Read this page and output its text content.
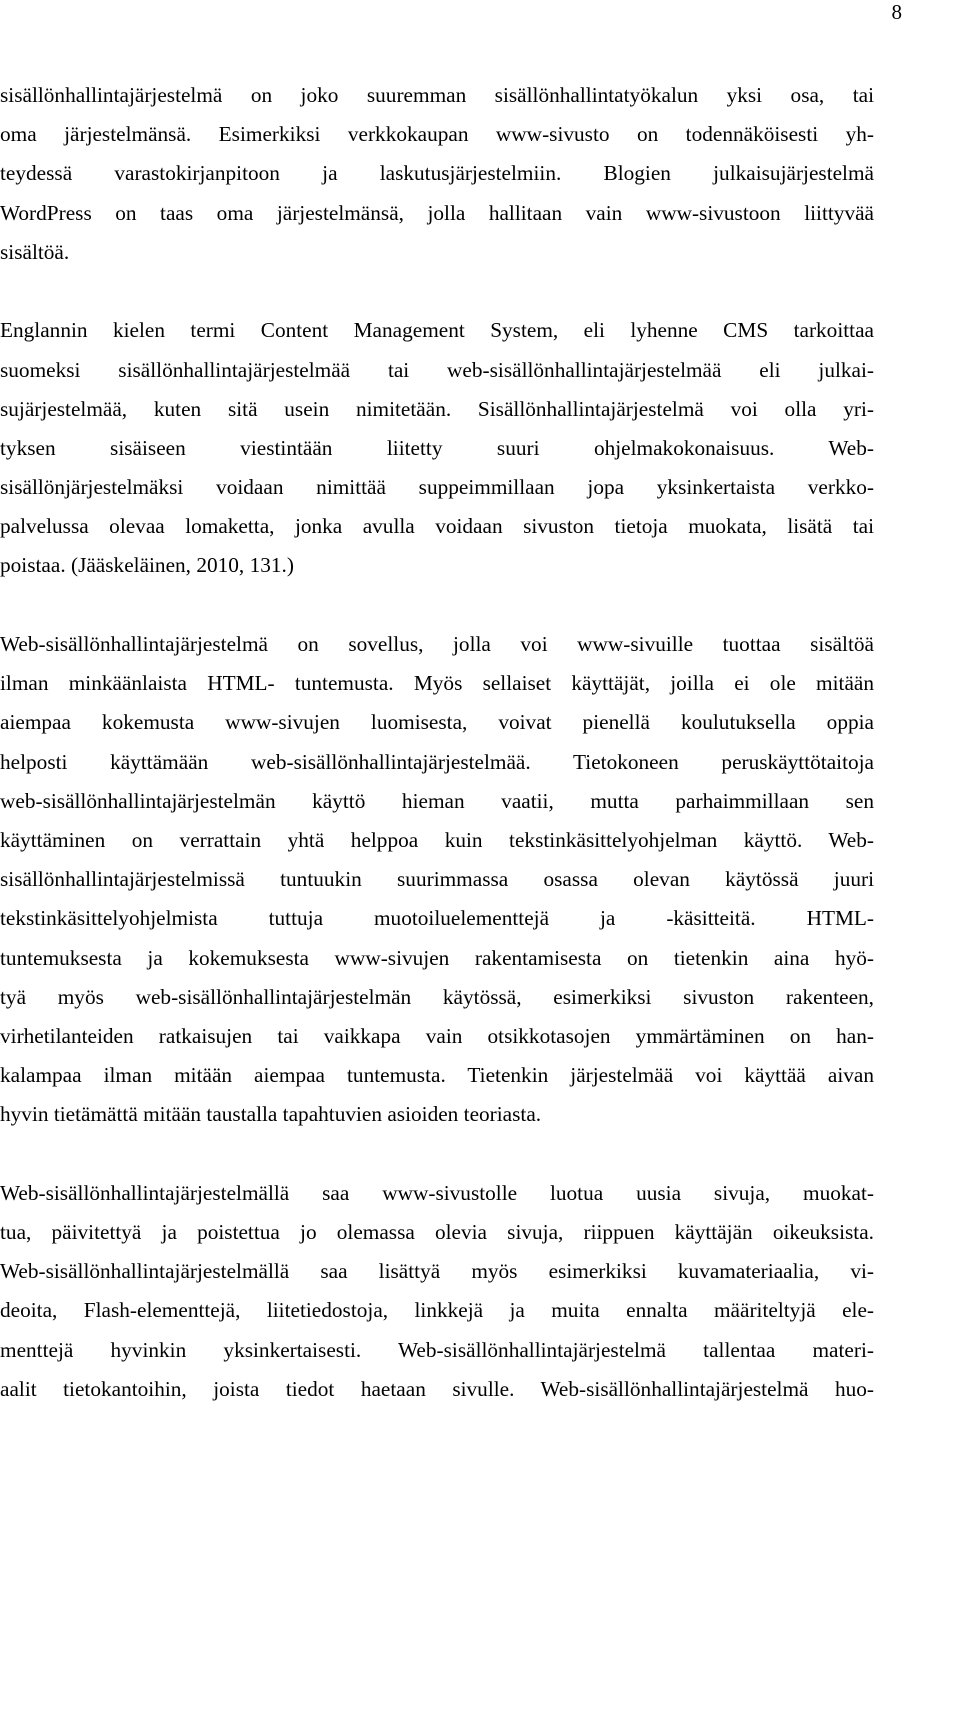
8
sisällönhallintajärjestelmä on joko suuremman sisällönhallintatyökalun yksi osa, tai
oma järjestelmänsä. Esimerkiksi verkkokaupan www-sivusto on todennäköisesti yh-
teydessä varastokirjanpitoon ja laskutusjärjestelmiin. Blogien julkaisujärjestelmä
WordPress on taas oma järjestelmänsä, jolla hallitaan vain www-sivustoon liittyvää
sisältöä.
Englannin kielen termi Content Management System, eli lyhenne CMS tarkoittaa
suomeksi sisällönhallintajärjestelmää tai web-sisällönhallintajärjestelmää eli julkai-
sujärjestelmää, kuten sitä usein nimitetään. Sisällönhallintajärjestelmä voi olla yri-
tyksen sisäiseen viestintään liitetty suuri ohjelmakokonaisuus. Web-
sisällönjärjestelmäksi voidaan nimittää suppeimmillaan jopa yksinkertaista verkko-
palvelussa olevaa lomaketta, jonka avulla voidaan sivuston tietoja muokata, lisätä tai
poistaa. (Jääskeläinen, 2010, 131.)
Web-sisällönhallintajärjestelmä on sovellus, jolla voi www-sivuille tuottaa sisältöä
ilman minkäänlaista HTML- tuntemusta. Myös sellaiset käyttäjät, joilla ei ole mitään
aiempaa kokemusta www-sivujen luomisesta, voivat pienellä koulutuksella oppia
helposti käyttämään web-sisällönhallintajärjestelmää. Tietokoneen peruskäyttötaitoja
web-sisällönhallintajärjestelmän käyttö hieman vaatii, mutta parhaimmillaan sen
käyttäminen on verrattain yhtä helppoa kuin tekstinkäsittelyohjelman käyttö. Web-
sisällönhallintajärjestelmissä tuntuukin suurimmassa osassa olevan käytössä juuri
tekstinkäsittelyohjelmista tuttuja muotoiluelementtejä ja -käsitteitä. HTML-
tuntemuksesta ja kokemuksesta www-sivujen rakentamisesta on tietenkin aina hyö-
tyä myös web-sisällönhallintajärjestelmän käytössä, esimerkiksi sivuston rakenteen,
virhetilanteiden ratkaisujen tai vaikkapa vain otsikkotasojen ymmärtäminen on han-
kalampaa ilman mitään aiempaa tuntemusta. Tietenkin järjestelmää voi käyttää aivan
hyvin tietämättä mitään taustalla tapahtuvien asioiden teoriasta.
Web-sisällönhallintajärjestelmällä saa www-sivustolle luotua uusia sivuja, muokat-
tua, päivitettyä ja poistettua jo olemassa olevia sivuja, riippuen käyttäjän oikeuksista.
Web-sisällönhallintajärjestelmällä saa lisättyä myös esimerkiksi kuvamateriaalia, vi-
deoita, Flash-elementtejä, liitetiedostoja, linkkejä ja muita ennalta määriteltyjä ele-
menttejä hyvinkin yksinkertaisesti. Web-sisällönhallintajärjestelmä tallentaa materi-
aalit tietokantoihin, joista tiedot haetaan sivulle. Web-sisällönhallintajärjestelmä huo-
